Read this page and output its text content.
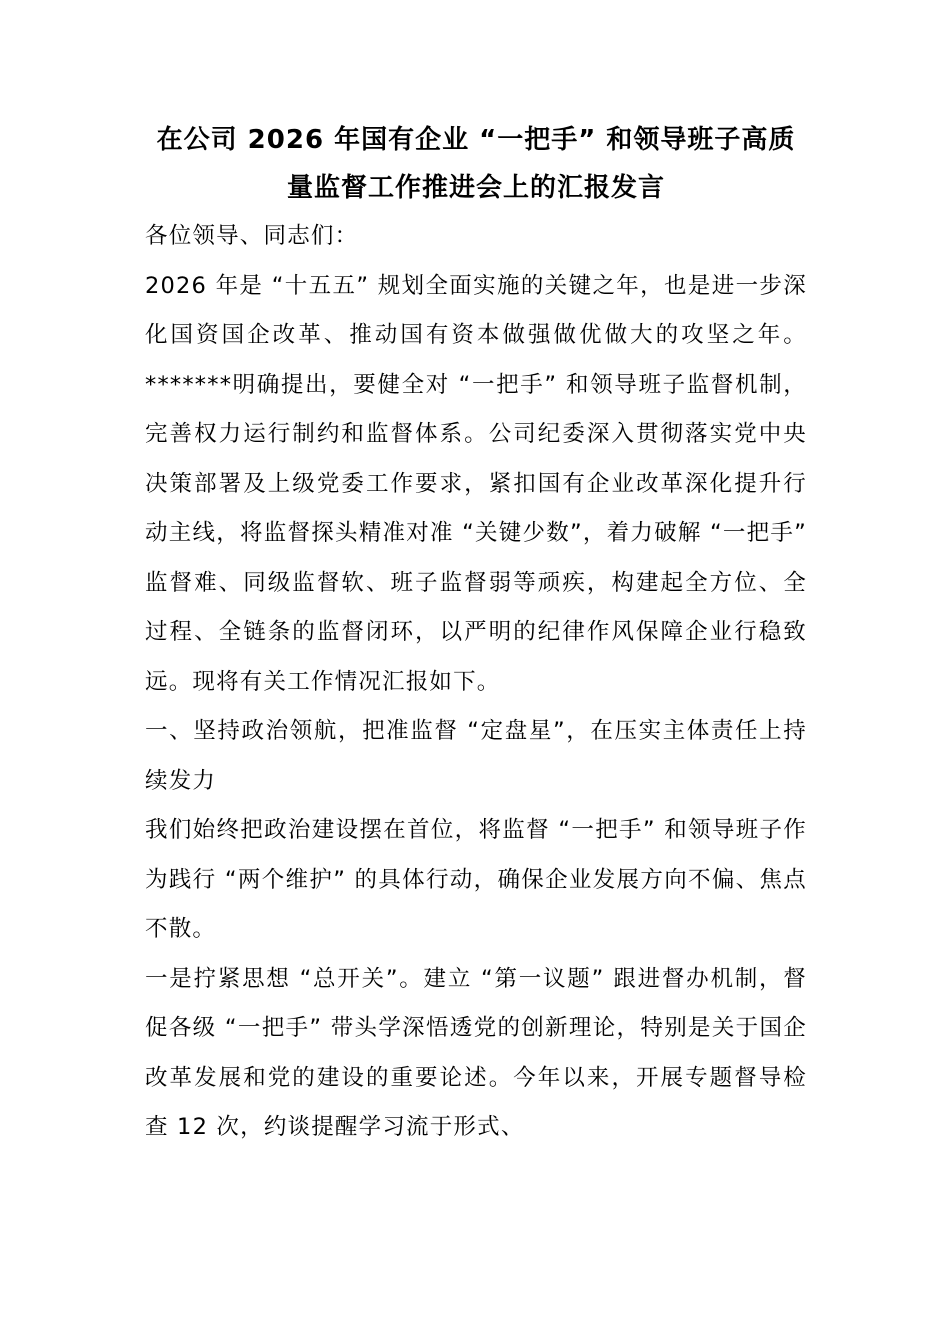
在公司 2026 年国有企业 “一把手” 和领导班子高质量监督工作推进会上的汇报发言

各位领导、同志们：

2026 年是 “十五五” 规划全面实施的关键之年，也是进一步深化国资国企改革、推动国有资本做强做优做大的攻坚之年。*******明确提出，要健全对 “一把手” 和领导班子监督机制，完善权力运行制约和监督体系。公司纪委深入贯彻落实党中央决策部署及上级党委工作要求，紧扣国有企业改革深化提升行动主线，将监督探头精准对准 “关键少数”，着力破解 “一把手” 监督难、同级监督软、班子监督弱等顽疾，构建起全方位、全过程、全链条的监督闭环，以严明的纪律作风保障企业行稳致远。现将有关工作情况汇报如下。

一、坚持政治领航，把准监督 “定盘星”，在压实主体责任上持续发力

我们始终把政治建设摆在首位，将监督 “一把手” 和领导班子作为践行 “两个维护” 的具体行动，确保企业发展方向不偏、焦点不散。

一是拧紧思想 “总开关”。建立 “第一议题” 跟进督办机制，督促各级 “一把手” 带头学深悟透党的创新理论，特别是关于国企改革发展和党的建设的重要论述。今年以来，开展专题督导检查 12 次，约谈提醒学习流于形式、
